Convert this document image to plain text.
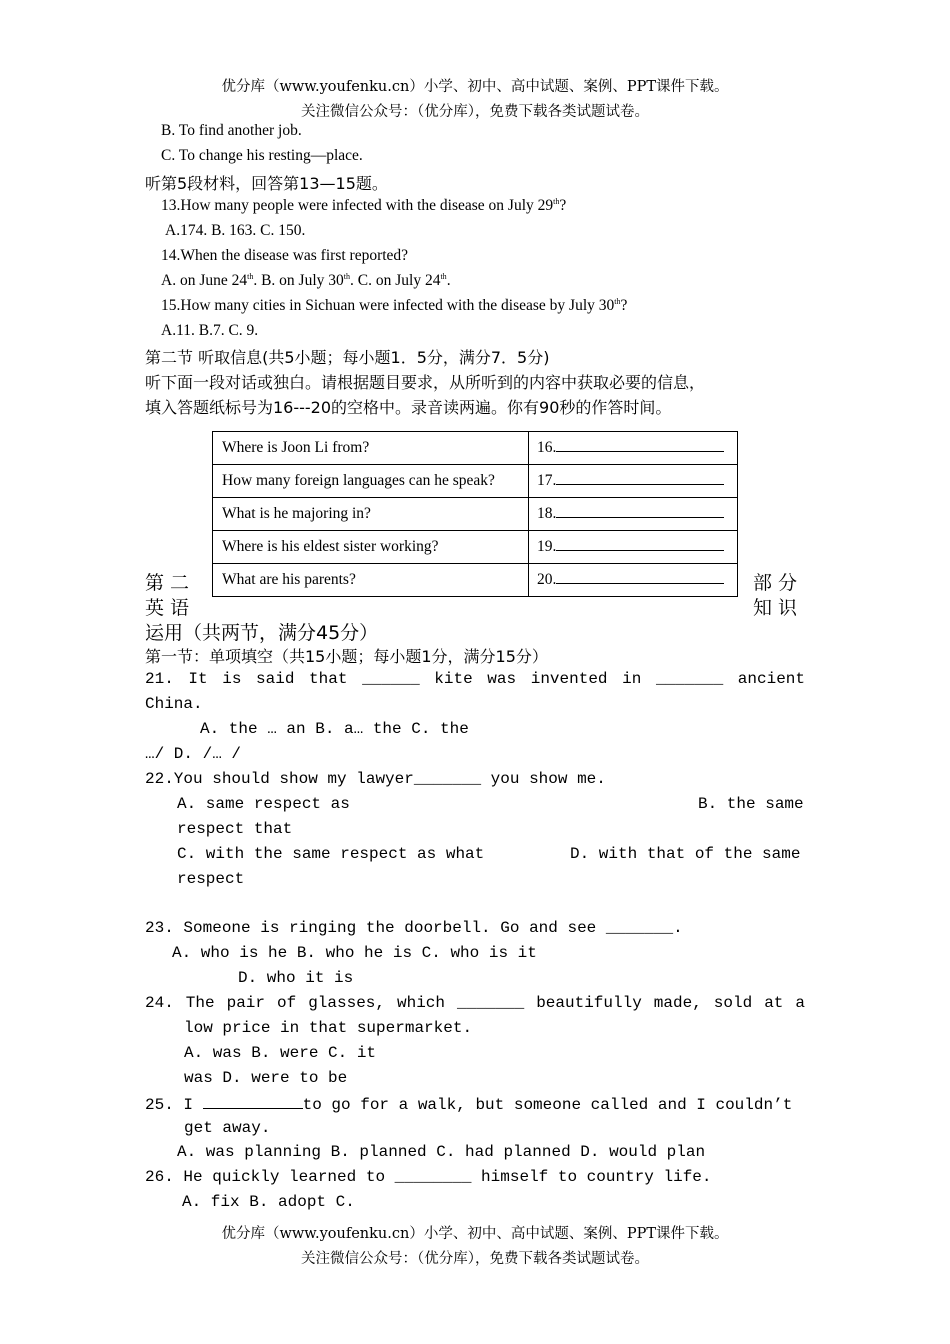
优分库（www.youfenku.cn）小学、初中、高中试题、案例、PPT课件下载。
关注微信公众号：（优分库），免费下载各类试题试卷。
B. To find another job.
C. To change his resting—place.
听第5段材料，回答第13—15题。
13.How many people were infected with the disease on July 29th?
A.174. B. 163. C. 150.
14.When the disease was first reported?
A. on June 24th. B. on July 30th. C. on July 24th.
15.How many cities in Sichuan were infected with the disease by July 30th?
A.11. B.7. C. 9.
第二节 听取信息(共5小题；每小题1．5分，满分7．5分)
听下面一段对话或独白。请根据题目要求，从所听到的内容中获取必要的信息，
填入答题纸标号为16---20的空格中。录音读两遍。你有90秒的作答时间。
Where is Joon Li from?	16.
How many foreign languages can he speak?	17.
What is he majoring in?	18.
Where is his eldest sister working?	19.
What are his parents?	20.
第 二	部 分
英 语	知 识
运用（共两节，满分45分）
第一节：单项填空（共15小题；每小题1分，满分15分）
21. It is said that ______ kite was invented in _______ ancient
China.
A. the … an B. a… the C. the
…/ D. /… /
22.You should show my lawyer_______ you show me.
A. same respect as	B. the same
respect that
C. with the same respect as what	D. with that of the same
respect
23. Someone is ringing the doorbell. Go and see _______.
A. who is he B. who he is C. who is it
D. who it is
24. The pair of glasses, which _______ beautifully made, sold at a
low price in that supermarket.
A. was B. were C. it
was D. were to be
25. I	to go for a walk, but someone called and I couldn’t
get away.
A. was planning B. planned C. had planned D. would plan
26. He quickly learned to ________ himself to country life.
A. fix B. adopt C.
优分库（www.youfenku.cn）小学、初中、高中试题、案例、PPT课件下载。
关注微信公众号：（优分库），免费下载各类试题试卷。
